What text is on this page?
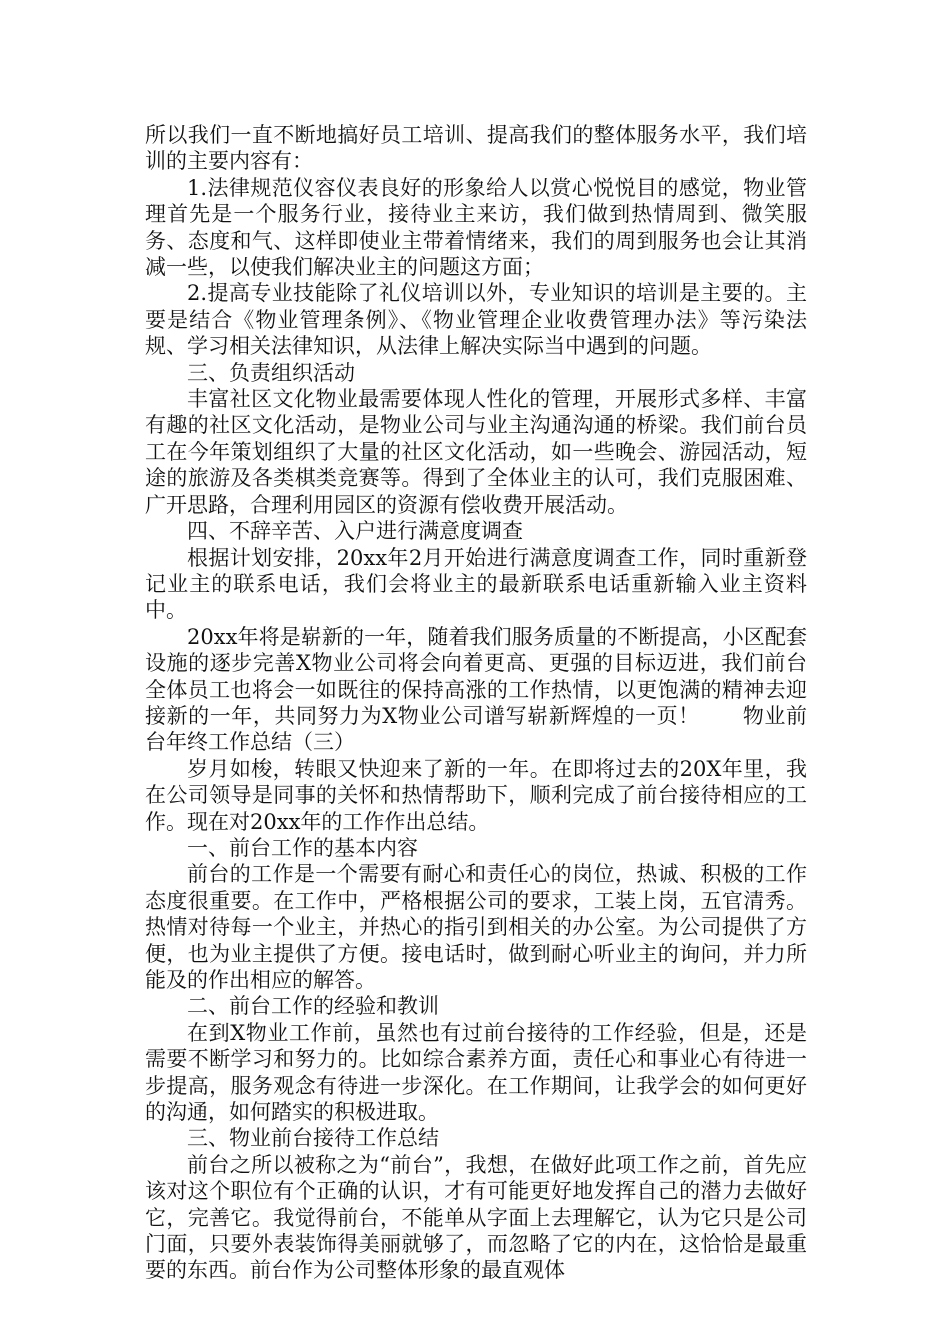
所以我们一直不断地搞好员工培训、提高我们的整体服务水平，我们培训的主要内容有：

1.法律规范仪容仪表良好的形象给人以赏心悦悦目的感觉，物业管理首先是一个服务行业，接待业主来访，我们做到热情周到、微笑服务、态度和气、这样即使业主带着情绪来，我们的周到服务也会让其消减一些，以使我们解决业主的问题这方面；

2.提高专业技能除了礼仪培训以外，专业知识的培训是主要的。主要是结合《物业管理条例》、《物业管理企业收费管理办法》等污染法规、学习相关法律知识，从法律上解决实际当中遇到的问题。

三、负责组织活动

丰富社区文化物业最需要体现人性化的管理，开展形式多样、丰富有趣的社区文化活动，是物业公司与业主沟通沟通的桥梁。我们前台员工在今年策划组织了大量的社区文化活动，如一些晚会、游园活动，短途的旅游及各类棋类竞赛等。得到了全体业主的认可，我们克服困难、广开思路，合理利用园区的资源有偿收费开展活动。

四、不辞辛苦、入户进行满意度调查

根据计划安排，20xx年2月开始进行满意度调查工作，同时重新登记业主的联系电话，我们会将业主的最新联系电话重新输入业主资料中。

20xx年将是崭新的一年，随着我们服务质量的不断提高，小区配套设施的逐步完善X物业公司将会向着更高、更强的目标迈进，我们前台全体员工也将会一如既往的保持高涨的工作热情，以更饱满的精神去迎接新的一年，共同努力为X物业公司谱写崭新辉煌的一页！　　物业前台年终工作总结（三）

岁月如梭，转眼又快迎来了新的一年。在即将过去的20X年里，我在公司领导是同事的关怀和热情帮助下，顺利完成了前台接待相应的工作。现在对20xx年的工作作出总结。

一、前台工作的基本内容

前台的工作是一个需要有耐心和责任心的岗位，热诚、积极的工作态度很重要。在工作中，严格根据公司的要求，工装上岗，五官清秀。热情对待每一个业主，并热心的指引到相关的办公室。为公司提供了方便，也为业主提供了方便。接电话时，做到耐心听业主的询问，并力所能及的作出相应的解答。

二、前台工作的经验和教训

在到X物业工作前，虽然也有过前台接待的工作经验，但是，还是需要不断学习和努力的。比如综合素养方面，责任心和事业心有待进一步提高，服务观念有待进一步深化。在工作期间，让我学会的如何更好的沟通，如何踏实的积极进取。

三、物业前台接待工作总结

前台之所以被称之为“前台”，我想，在做好此项工作之前，首先应该对这个职位有个正确的认识，才有可能更好地发挥自己的潜力去做好它，完善它。我觉得前台，不能单从字面上去理解它，认为它只是公司门面，只要外表装饰得美丽就够了，而忽略了它的内在，这恰恰是最重要的东西。前台作为公司整体形象的最直观体
